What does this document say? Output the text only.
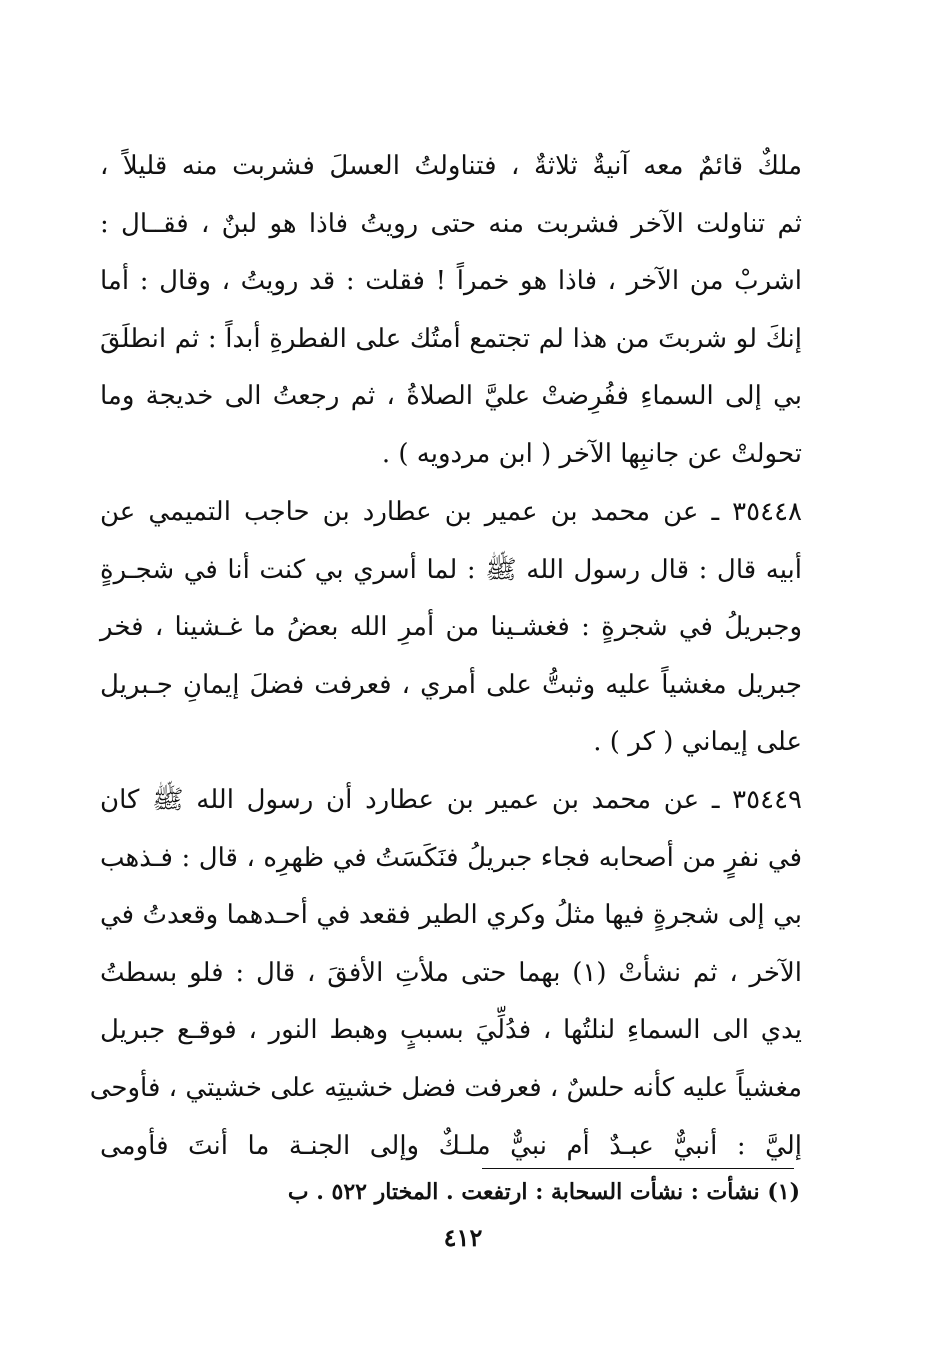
ملكٌ قائمٌ معه آنيةٌ ثلاثةٌ ، فتناولتُ العسلَ فشربت منه قليلاً ،
ثم تناولت الآخر فشربت منه حتى رويتُ فاذا هو لبنٌ ، فقــال :
اشربْ من الآخر ، فاذا هو خمراً ! فقلت : قد رويتُ ، وقال : أما
إنكَ لو شربتَ من هذا لم تجتمع أمتُك على الفطرةِ أبداً : ثم انطلَقَ
بي إلى السماءِ ففُرِضتْ عليَّ الصلاةُ ، ثم رجعتُ الى خديجة وما
تحولتْ عن جانبِها الآخر ( ابن مردويه ) .
٣٥٤٤٨ ـ عن محمد بن عمير بن عطارد بن حاجب التميمي عن
أبيه قال : قال رسول الله ﷺ : لما أسري بي كنت أنا في شجـرةٍ
وجبريلُ في شجرةٍ : فغشـينا من أمرِ الله بعضُ ما غـشينا ، فخر
جبريل مغشياً عليه وثبتُّ على أمري ، فعرفت فضلَ إيمانِ جـبريل
على إيماني ( كر ) .
٣٥٤٤٩ ـ عن محمد بن عمير بن عطارد أن رسول الله ﷺ كان
في نفرٍ من أصحابه فجاء جبريلُ فنَكَسَتُ في ظهرِه ، قال : فـذهب
بي إلى شجرةٍ فيها مثلُ وكري الطير فقعد في أحـدهما وقعدتُ في
الآخر ، ثم نشأتْ (١) بهما حتى ملأتِ الأفقَ ، قال : فلو بسطتُ
يدي الى السماءِ لنلتُها ، فدُلِّيَ بسببٍ وهبط النور ، فوقـع جبريل
مغشياً عليه كأنه حلسٌ ، فعرفت فضل خشيتِه على خشيتي ، فأوحى
إليَّ : أنبيٌّ عبـدٌ أم نبيٌّ ملـكٌ وإلى الجنـة ما أنتَ فأومى
(١) نشأت : نشأت السحابة : ارتفعت . المختار ٥٢٢ . ب
٤١٢
